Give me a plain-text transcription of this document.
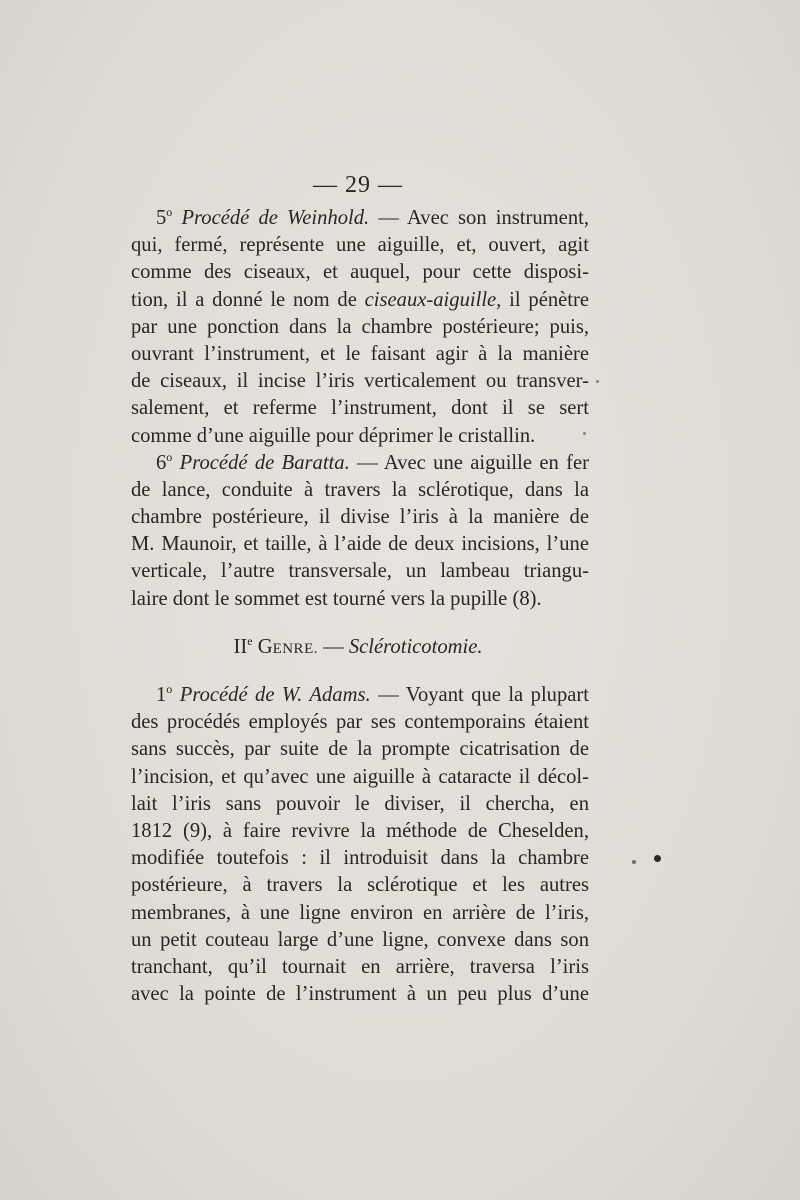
— 29 —
5$^o$ Procédé de Weinhold. — Avec son instrument,
qui, fermé, représente une aiguille, et, ouvert, agit
comme des ciseaux, et auquel, pour cette disposi-
tion, il a donné le nom de ciseaux-aiguille, il pénètre
par une ponction dans la chambre postérieure; puis,
ouvrant l’instrument, et le faisant agir à la manière
de ciseaux, il incise l’iris verticalement ou transver-
salement, et referme l’instrument, dont il se sert
comme d’une aiguille pour déprimer le cristallin.
6$^o$ Procédé de Baratta. — Avec une aiguille en fer
de lance, conduite à travers la sclérotique, dans la
chambre postérieure, il divise l’iris à la manière de
M. Maunoir, et taille, à l’aide de deux incisions, l’une
verticale, l’autre transversale, un lambeau triangu-
laire dont le sommet est tourné vers la pupille (8).
IIe GENRE. — Scléroticotomie.
1$^o$ Procédé de W. Adams. — Voyant que la plupart
des procédés employés par ses contemporains étaient
sans succès, par suite de la prompte cicatrisation de
l’incision, et qu’avec une aiguille à cataracte il décol-
lait l’iris sans pouvoir le diviser, il chercha, en
1812 (9), à faire revivre la méthode de Cheselden,
modifiée toutefois : il introduisit dans la chambre
postérieure, à travers la sclérotique et les autres
membranes, à une ligne environ en arrière de l’iris,
un petit couteau large d’une ligne, convexe dans son
tranchant, qu’il tournait en arrière, traversa l’iris
avec la pointe de l’instrument à un peu plus d’une
